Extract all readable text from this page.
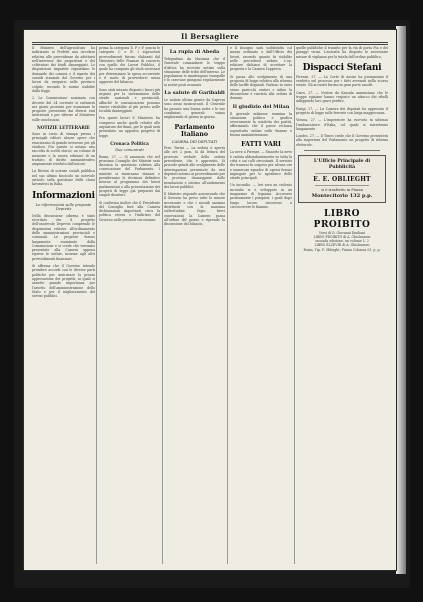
Il Bersagliere
Il Ministro dell'Agricoltura ha indirizzato ai Prefetti una circolare relativa alle provvidenze da adottarsi nell'interesse dei proprietari e dei coltivatori dei fondi danneggiati. Le disposizioni impartite riguardano le domande dei comuni e il riparto dei sussidi stanziati dal Governo per i lavori da eseguirsi nelle province colpite, secondo le norme stabilite dalla legge.
2. La Commissione nominata con decreto del 24 corrente si radunerà nei giorni prossimi per esaminare le proposte presentate dai diversi enti interessati e per riferire al Ministero sulle conclusioni.
NOTIZIE LETTERARIE
Sono in corso di stampa presso i principali editori alcune opere che riusciranno di grande interesse per gli studiosi. Fra queste si notano una raccolta di scritti storici, un volume di memorie e la nuova edizione di un trattato di diritto amministrativo ampiamente riveduto dall'autore.
La Rivista di scienze sociali pubblica nel suo ultimo fascicolo un notevole articolo sulla questione delle classi lavoratrici in Italia.
Informazioni
Le informazioni sulle proposte Depretis
Nella discussione odierna è stato ricordato che il progetto dell'onorevole Depretis comprende le disposizioni relative all'ordinamento delle amministrazioni provinciali e comunali. Le proposte furono largamente esaminate dalla Commissione e si crede che verranno presentate alla Camera appena riprese le sedute, insieme agli altri provvedimenti finanziari.
Si afferma che il Governo intende prendere accordi con le diverse parti politiche per assicurare la pronta approvazione dei progetti, ai quali si annette grande importanza per l'assetto dell'amministrazione dello Stato e per il miglioramento dei servizi pubblici.
prima la categoria D, F e F, poscia le categorie C e B. I sopracitati provvedimenti furono elaborati dal Ministero delle Finanze di concerto con quello dei Lavori Pubblici, il quale ha compiuto gli studi necessari per determinare la spesa occorrente e il modo di provvedervi senza aggravio del bilancio.
Sono stati intanto disposti i lavori più urgenti per la sistemazione delle strade nazionali e provinciali, affinchè le comunicazioni possano essere ristabilite al più presto nelle località danneggiate.
Fra questi lavori il Ministero ha compreso anche quelli relativi alle arginature dei fiumi, per le quali sarà presentato un apposito progetto di legge.
Cronaca Politica
Due comunicati
Roma, 27. — Si annunzia che nel prossimo Consiglio dei Ministri sarà discussa la questione relativa alla convocazione del Parlamento. I ministri si riuniranno domani e prenderanno le decisioni definitive intorno al programma dei lavori parlamentari e alla presentazione dei progetti di legge già preparati dai singoli dicasteri.
Si conferma inoltre che il Presidente del Consiglio farà alla Camera dichiarazioni importanti circa la politica estera e l'indirizzo del Governo nelle presenti circostanze.
La rupia di Abeda
Telegrafano da Massaua che il Generale comandante le truppe d'Africa ha ricevuto notizie sulla situazione delle tribù dell'interno. Le popolazioni si mantengono tranquille e le carovane giungono regolarmente ai nostri posti avanzati.
La salute di Garibaldi
Le notizie ultime giunte da Caprera sono assai rassicuranti. Il Generale ha passato una buona notte e le sue condizioni generali vanno migliorando di giorno in giorno.
Parlamento Italiano
CAMERA DEI DEPUTATI
Pres. Farini — La seduta è aperta alle ore 2 pom. Si dà lettura del processo verbale della seduta precedente, che è approvato. Si procede quindi allo svolgimento delle interrogazioni presentate da vari deputati intorno ai provvedimenti per le province danneggiate dalle inondazioni e intorno all'andamento dei lavori pubblici.
Il Ministro risponde assicurando che il Governo ha preso tutte le misure necessarie e che i sussidi saranno distribuiti con la massima sollecitudine. Dopo brevi osservazioni la Camera passa all'ordine del giorno e riprende la discussione del bilancio.
e il bisogno sarà soddisfatto col mezzo ordinario e dall'Ufficio dei lavori, secondo quanto fu stabilito nelle precedenti sedute. L'on. relatore dichiara di accettare la proposta e la Camera l'approva.
Si passa allo svolgimento di una proposta di legge relativa alla riforma delle tariffe doganali. Parlano in vario senso parecchi oratori e infine la discussione è rinviata alla seduta di domani.
Il giudizio del Milan
Il giornale milanese esamina la situazione politica e giudica severamente la condotta dei partiti, affermando che il paese reclama soprattutto ordine nelle finanze e buona amministrazione.
FATTI VARI
La neve a Firenze. — Stanotte la neve è caduta abbondantemente su tutta la città e sui colli circostanti. Il servizio dei tramvai fu sospeso per alcune ore e numerose squadre di operai furono impiegate per lo sgombero delle strade principali.
Un incendio. — Ieri sera un violento incendio si è sviluppato in un magazzino di legnami. Accorsero prontamente i pompieri, i quali dopo lungo lavoro riuscirono a circoscrivere le fiamme.
quelle pubbliche il transito per la via di porta Pia e dei paraggi vicini. L'autorità ha disposto le necessarie misure di vigilanza per la tutela dell'ordine pubblico.
Dispacci Stefani
Firenze, 27. — La Corte di Assise ha pronunziato il verdetto nel processo per i fatti avvenuti nella scorsa estate. Gli accusati furono in gran parte assolti.
Cairo, 27. — Notizie da Kassala annunziano che le truppe egiziane hanno respinto un attacco dei ribelli infliggendo loro gravi perdite.
Parigi, 27. — La Camera dei deputati ha approvato il progetto di legge sulle ferrovie con larga maggioranza.
Vienna, 27. — L'imperatore ha ricevuto in udienza l'ambasciatore d'Italia, col quale si intrattenne lungamente.
Londra, 27. — Il Times crede che il Governo presenterà alla riapertura del Parlamento un progetto di riforma elettorale.
L'Ufficio Principale di Pubblicità
E. E. OBLIEGHT
si è trasferito in Piazza
Montecitorio 132 p.p.
LIBRO PROIBITO
Versi di D. Giovanni Emiliani
LIBRO PROIBITO di A. Ghislanzoni
seconda edizione, un volume L. 2
LIBRO ELZEVIR di A. Ghislanzoni
Roma, Tip. F. Oblieght, Piazza Colonna 61, p. p.
